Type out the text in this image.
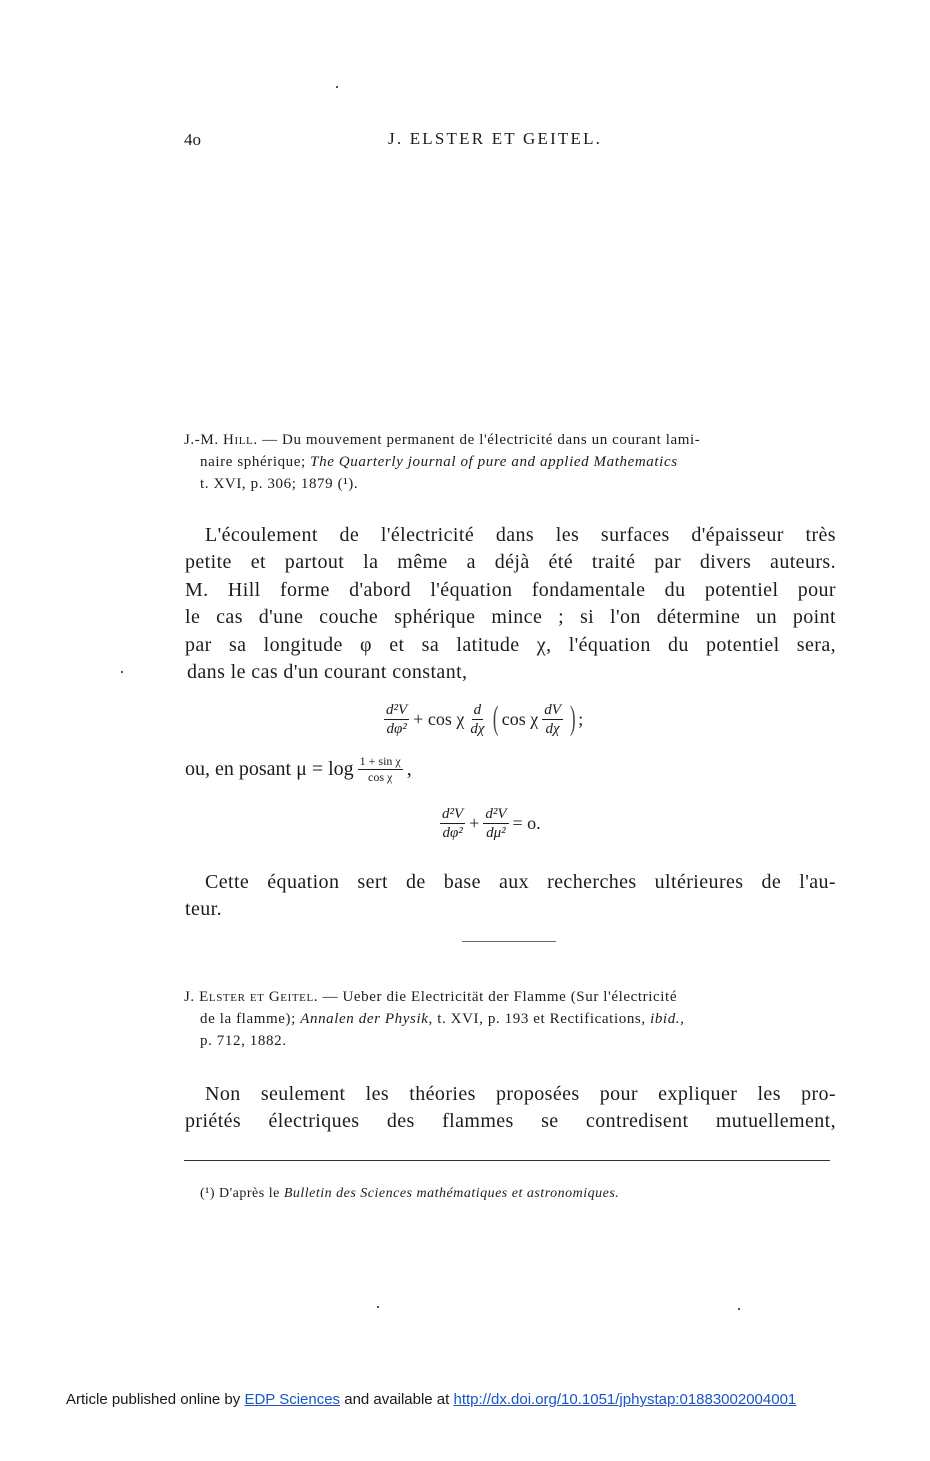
4o	J. ELSTER ET GEITEL.
J.-M. Hill. — Du mouvement permanent de l'électricité dans un courant lami-
naire sphérique; The Quarterly journal of pure and applied Mathematics
t. XVI, p. 306; 1879 (¹).
L'écoulement de l'électricité dans les surfaces d'épaisseur très
petite et partout la même a déjà été traité par divers auteurs.
M. Hill forme d'abord l'équation fondamentale du potentiel pour
le cas d'une couche sphérique mince ; si l'on détermine un point
par sa longitude φ et sa latitude χ, l'équation du potentiel sera,
dans le cas d'un courant constant,
$\frac{\text{d²V}}{\text{dφ²}} + \cos \chi \frac{d}{d\chi}$ ( cos χ $\frac{dV}{d\chi}$ ) ;
ou, en posant $\mu = \log \frac{\text{1 + sin χ}}{\text{cos χ}}$ ,
$\frac{\text{d²V}}{\text{dφ²}} + \frac{\text{d²V}}{\text{dμ²}} = o$.
Cette équation sert de base aux recherches ultérieures de l'au-
teur.
J. Elster et Geitel. — Ueber die Electricität der Flamme (Sur l'électricité
de la flamme); Annalen der Physik, t. XVI, p. 193 et Rectifications, ibid.,
p. 712, 1882.
Non seulement les théories proposées pour expliquer les pro-
priétés électriques des flammes se contredisent mutuellement,
(¹) D'après le Bulletin des Sciences mathématiques et astronomiques.
Article published online by EDP Sciences and available at http://dx.doi.org/10.1051/jphystap:01883002004001
